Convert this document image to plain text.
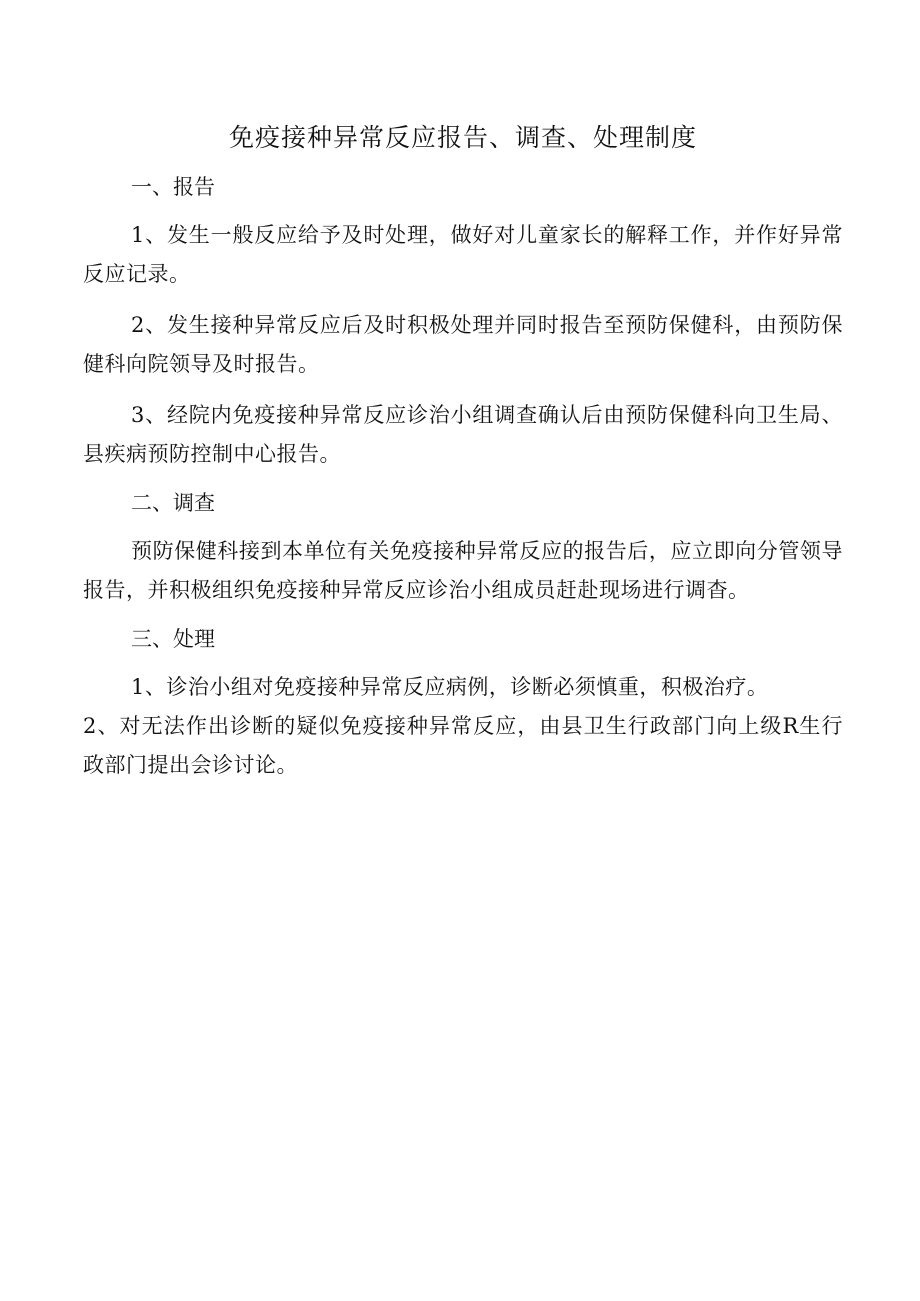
免疫接种异常反应报告、调查、处理制度

一、报告

1、发生一般反应给予及时处理，做好对儿童家长的解释工作，并作好异常反应记录。

2、发生接种异常反应后及时积极处理并同时报告至预防保健科，由预防保健科向院领导及时报告。

3、经院内免疫接种异常反应诊治小组调查确认后由预防保健科向卫生局、县疾病预防控制中心报告。

二、调查

预防保健科接到本单位有关免疫接种异常反应的报告后，应立即向分管领导报告，并积极组织免疫接种异常反应诊治小组成员赶赴现场进行调杳。

三、处理

1、诊治小组对免疫接种异常反应病例，诊断必须慎重，积极治疗。

2、对无法作出诊断的疑似免疫接种异常反应，由县卫生行政部门向上级R生行政部门提出会诊讨论。
